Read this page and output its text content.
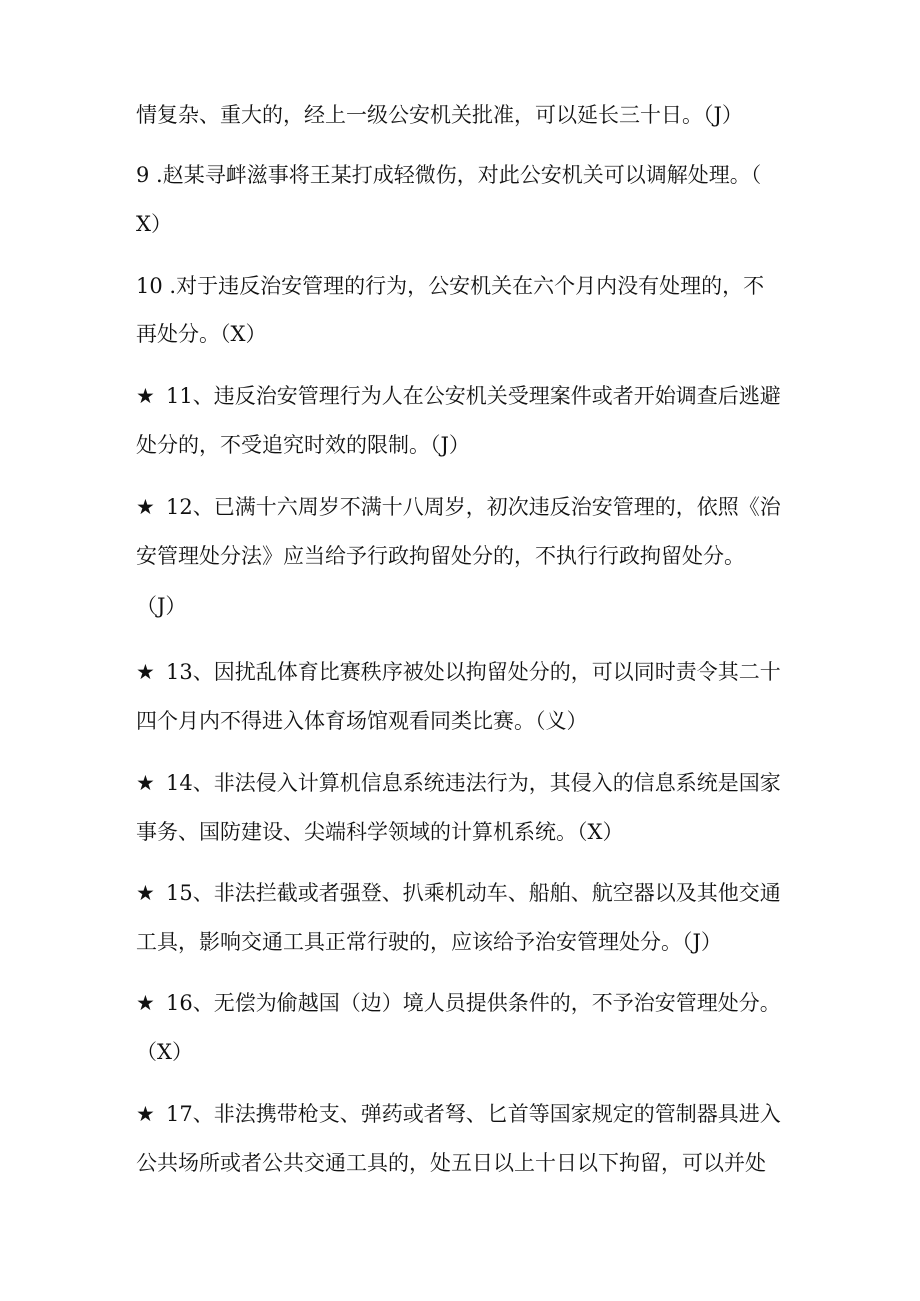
情复杂、重大的，经上一级公安机关批准，可以延长三十日。（J）
9 .赵某寻衅滋事将王某打成轻微伤，对此公安机关可以调解处理。（
X）
10 .对于违反治安管理的行为，公安机关在六个月内没有处理的，不
再处分。（X）
★ 11、违反治安管理行为人在公安机关受理案件或者开始调查后逃避
处分的，不受追究时效的限制。（J）
★ 12、已满十六周岁不满十八周岁，初次违反治安管理的，依照《治
安管理处分法》应当给予行政拘留处分的，不执行行政拘留处分。
（J）
★ 13、因扰乱体育比赛秩序被处以拘留处分的，可以同时责令其二十
四个月内不得进入体育场馆观看同类比赛。（义）
★ 14、非法侵入计算机信息系统违法行为，其侵入的信息系统是国家
事务、国防建设、尖端科学领域的计算机系统。（X）
★ 15、非法拦截或者强登、扒乘机动车、船舶、航空器以及其他交通
工具，影响交通工具正常行驶的，应该给予治安管理处分。（J）
★ 16、无偿为偷越国（边）境人员提供条件的，不予治安管理处分。
（X）
★ 17、非法携带枪支、弹药或者弩、匕首等国家规定的管制器具进入
公共场所或者公共交通工具的，处五日以上十日以下拘留，可以并处
